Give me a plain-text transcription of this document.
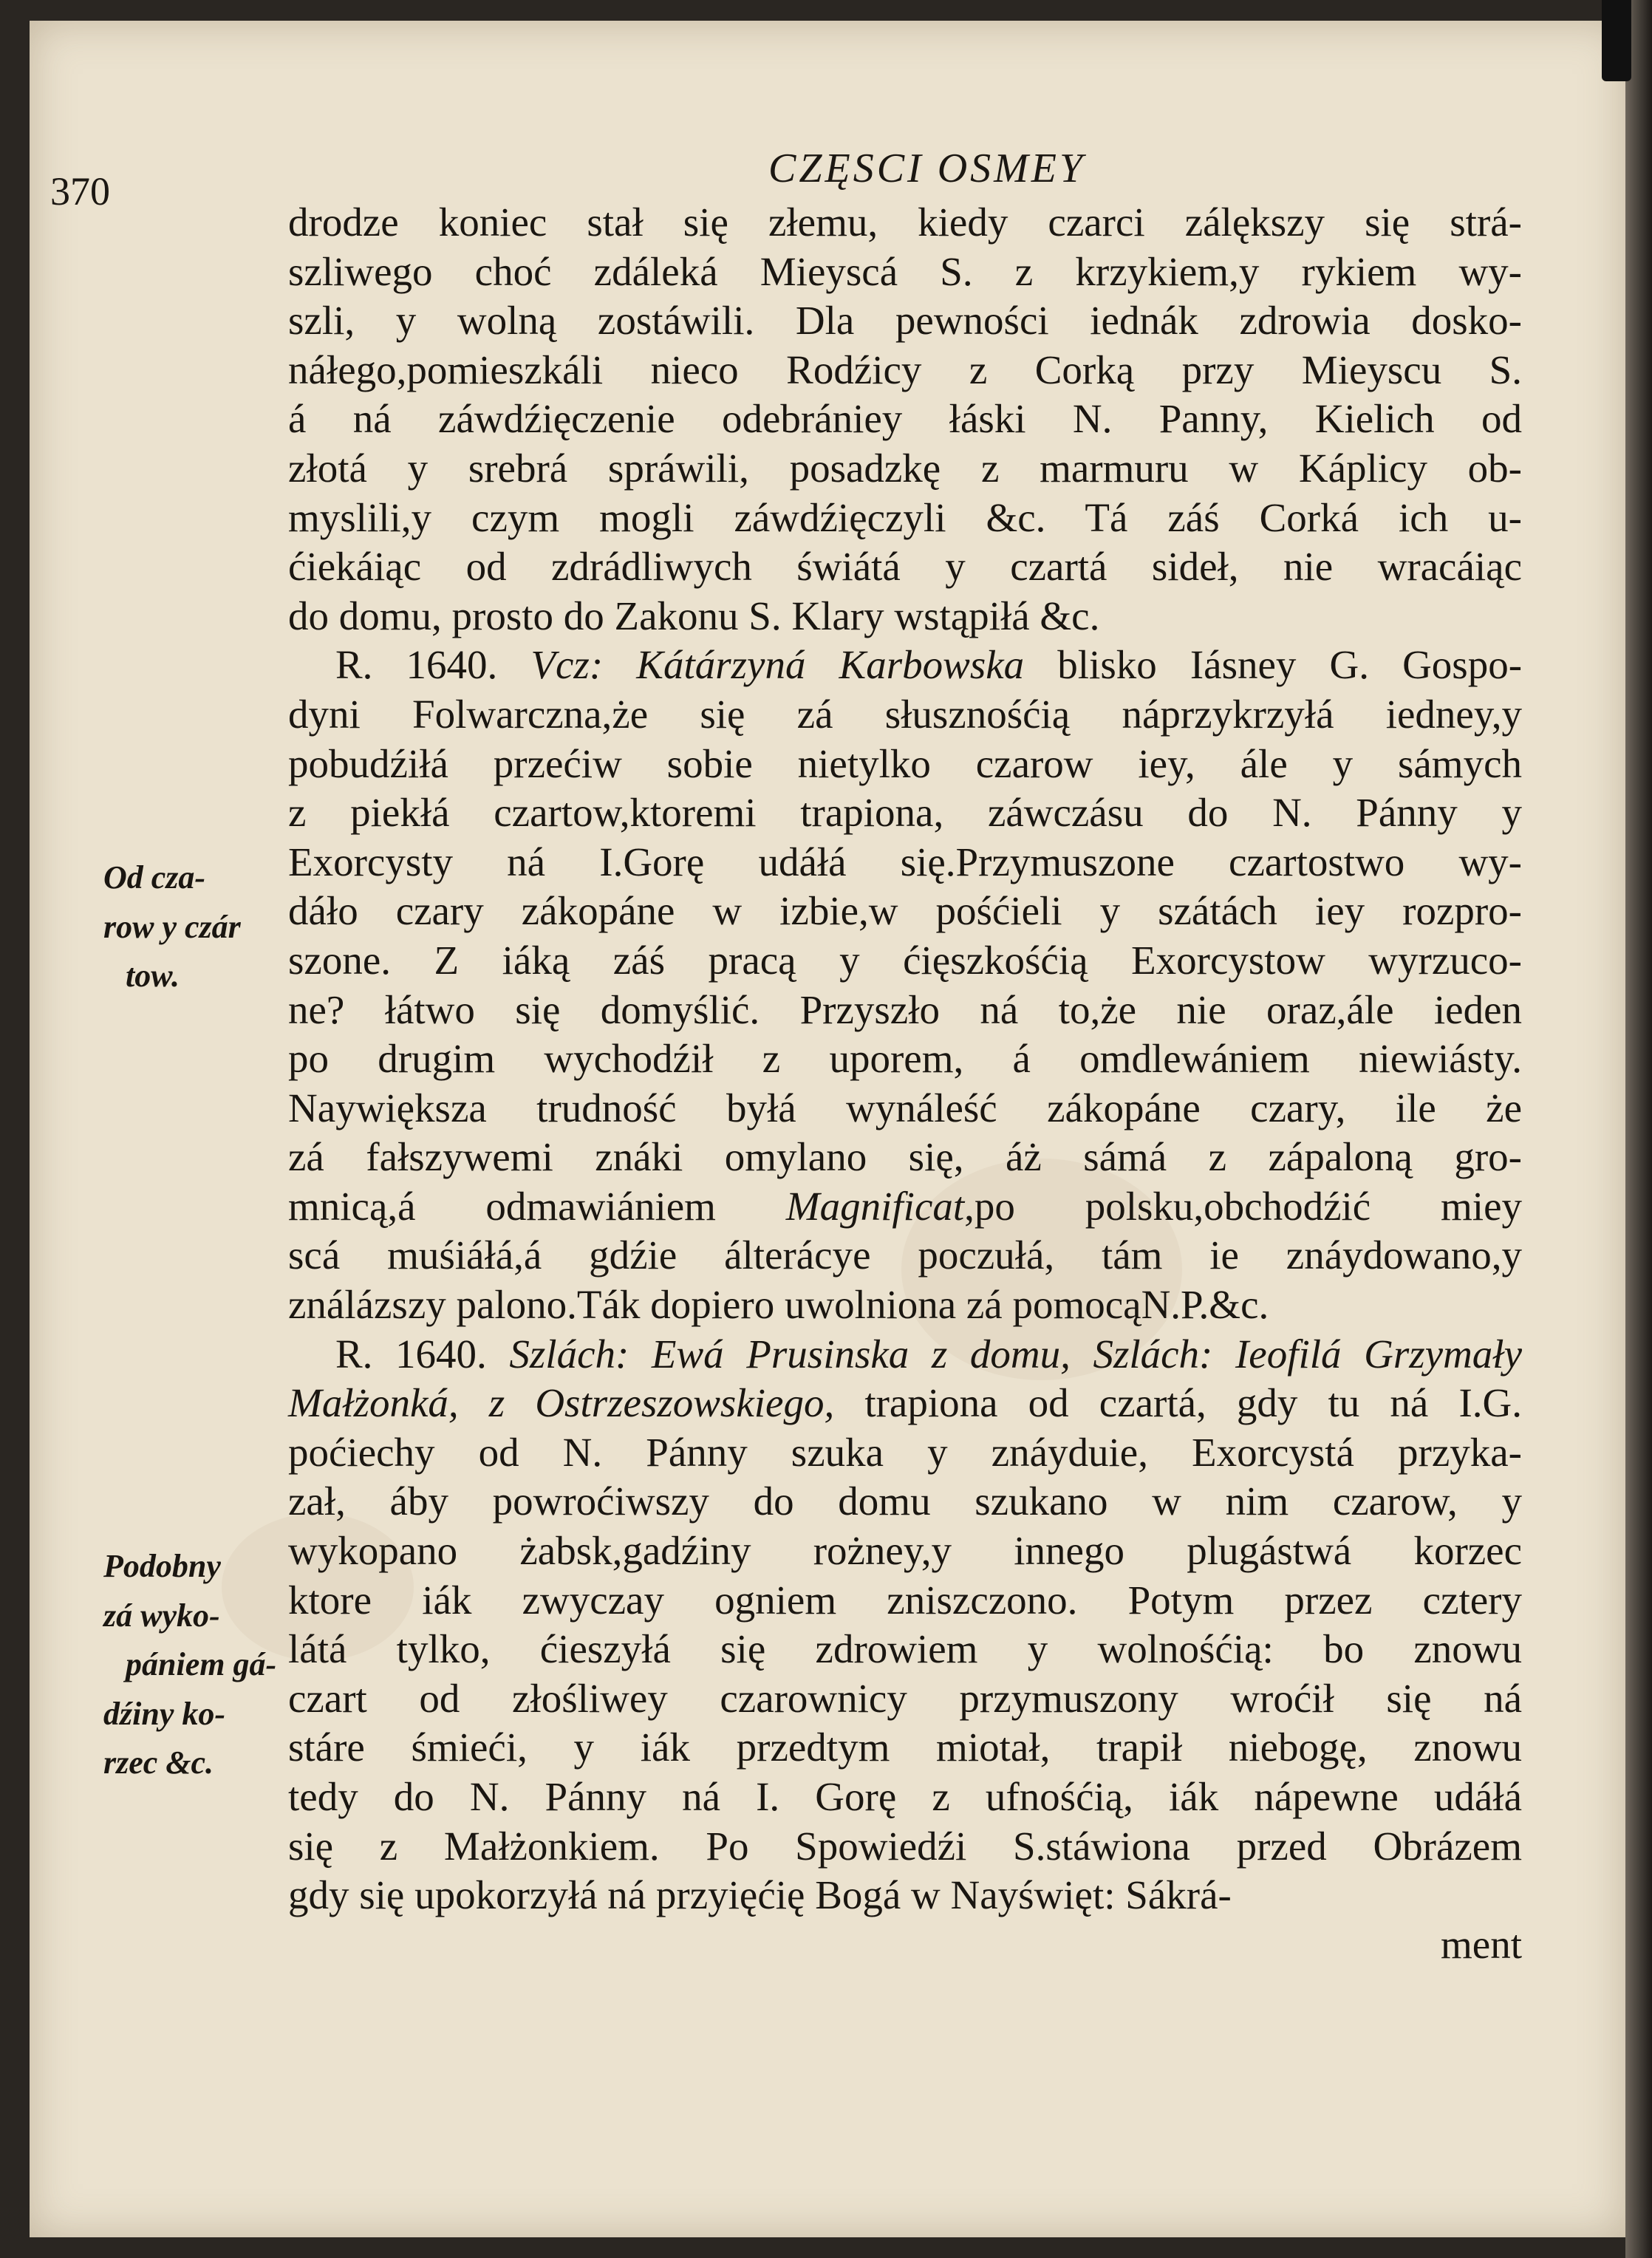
370	CZĘSCI OSMEY
drodze koniec stał się złemu, kiedy czarci zálększy się strá-
szliwego choć zdáleká Mieyscá S. z krzykiem,y rykiem wy-
szli, y wolną zostáwili. Dla pewności iednák zdrowia dosko-
náłego,pomieszkáli nieco Rodźicy z Corką przy Mieyscu S.
á ná záwdźięczenie odebrániey łáski N. Panny, Kielich od
złotá y srebrá spráwili, posadzkę z marmuru w Káplicy ob-
myslili,y czym mogli záwdźięczyli &c. Tá záś Corká ich u-
ćiekáiąc od zdrádliwych świátá y czartá sideł, nie wracáiąc
do domu, prosto do Zakonu S. Klary wstąpiłá &c.
R. 1640. Vcz: Kátárzyná Karbowska blisko Iásney G. Gospo-
dyni Folwarczna,że się zá słusznośćią náprzykrzyłá iedney,y
pobudźiłá przećiw sobie nietylko czarow iey, ále y sámych
z piekłá czartow,ktoremi trapiona, záwczásu do N. Pánny y
Exorcysty ná I.Gorę udáłá się.Przymuszone czartostwo wy-
dáło czary zákopáne w izbie,w pośćieli y szátách iey rozpro-
szone. Z iáką záś pracą y ćięszkośćią Exorcystow wyrzuco-
ne? łátwo się domyślić. Przyszło ná to,że nie oraz,ále ieden
po drugim wychodźił z uporem, á omdlewániem niewiásty.
Naywiększa trudność byłá wynáleść zákopáne czary, ile że
zá fałszywemi znáki omylano się, áż sámá z zápaloną gro-
mnicą,á odmawiániem Magnificat,po polsku,obchodźić miey
scá muśiáłá,á gdźie álterácye poczułá, tám ie znáydowano,y
ználázszy palono.Ták dopiero uwolniona zá pomocąN.P.&c.
R. 1640. Szlách: Ewá Prusinska z domu, Szlách: Ieofilá Grzymały
Małżonká, z Ostrzeszowskiego, trapiona od czartá, gdy tu ná I.G.
poćiechy od N. Pánny szuka y znáyduie, Exorcystá przyka-
zał, áby powroćiwszy do domu szukano w nim czarow, y
wykopano żabsk,gadźiny rożney,y innego plugástwá korzec
ktore iák zwyczay ogniem zniszczono. Potym przez cztery
látá tylko, ćieszyłá się zdrowiem y wolnośćią: bo znowu
czart od złośliwey czarownicy przymuszony wroćił się ná
stáre śmieći, y iák przedtym miotał, trapił niebogę, znowu
tedy do N. Pánny ná I. Gorę z ufnośćią, iák nápewne udáłá
się z Małżonkiem. Po Spowiedźi S.stáwiona przed Obrázem
gdy się upokorzyłá ná przyięćię Bogá w Nayświęt: Sákrá-
ment
Od cza-
row y czár
tow.
Podobny
zá wyko-
pániem gá-
dźiny ko-
rzec &c.
